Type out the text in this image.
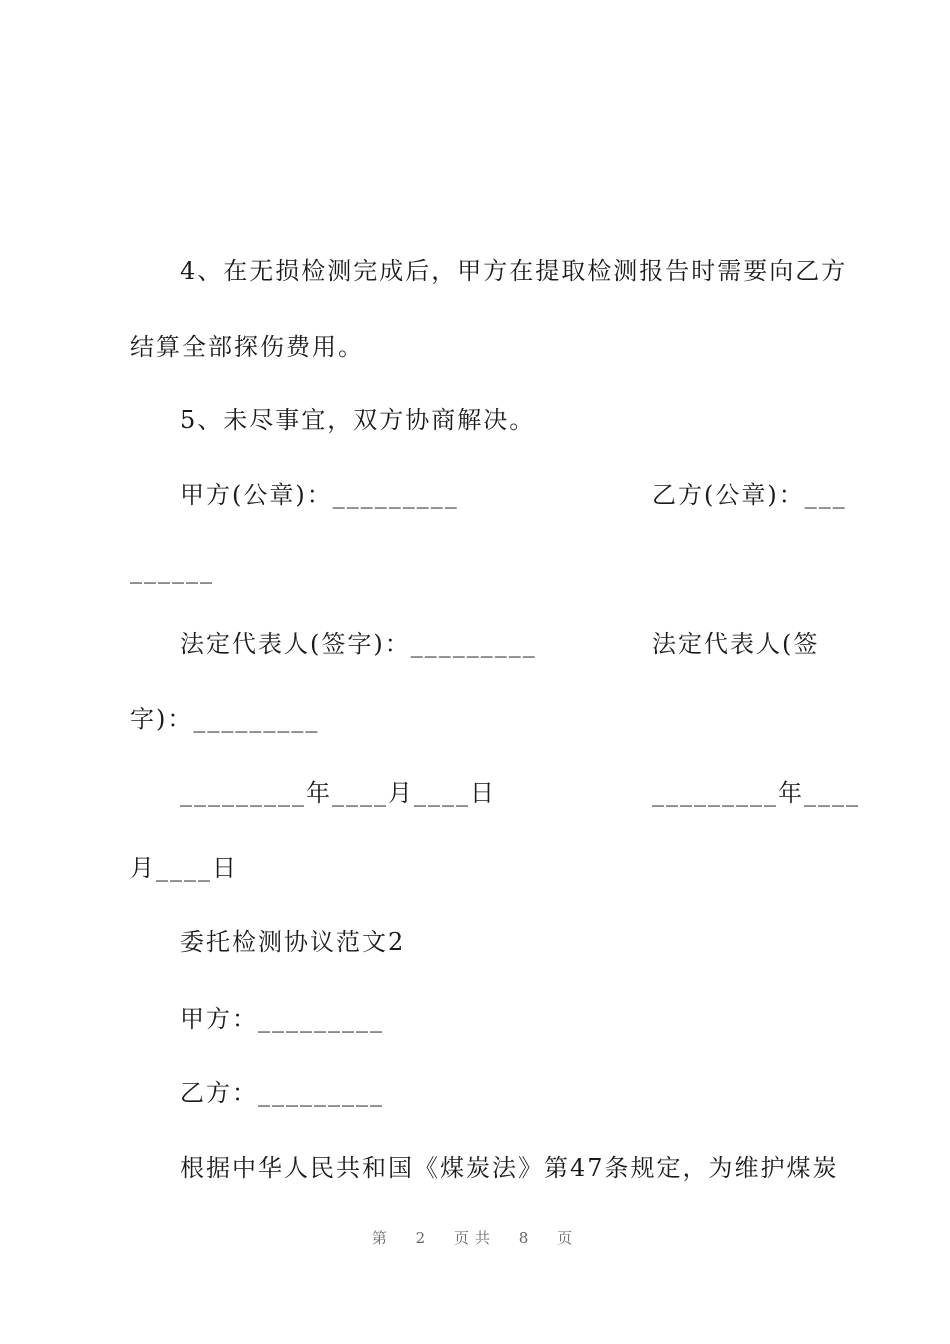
4、在无损检测完成后，甲方在提取检测报告时需要向乙方
结算全部探伤费用。
5、未尽事宜，双方协商解决。
甲方(公章)：_________	乙方(公章)：___
______
法定代表人(签字)：_________	法定代表人(签
字)：_________
_________年____月____日	_________年____
月____日
委托检测协议范文2
甲方：_________
乙方：_________
根据中华人民共和国《煤炭法》第47条规定，为维护煤炭
第 2 页共 8 页
